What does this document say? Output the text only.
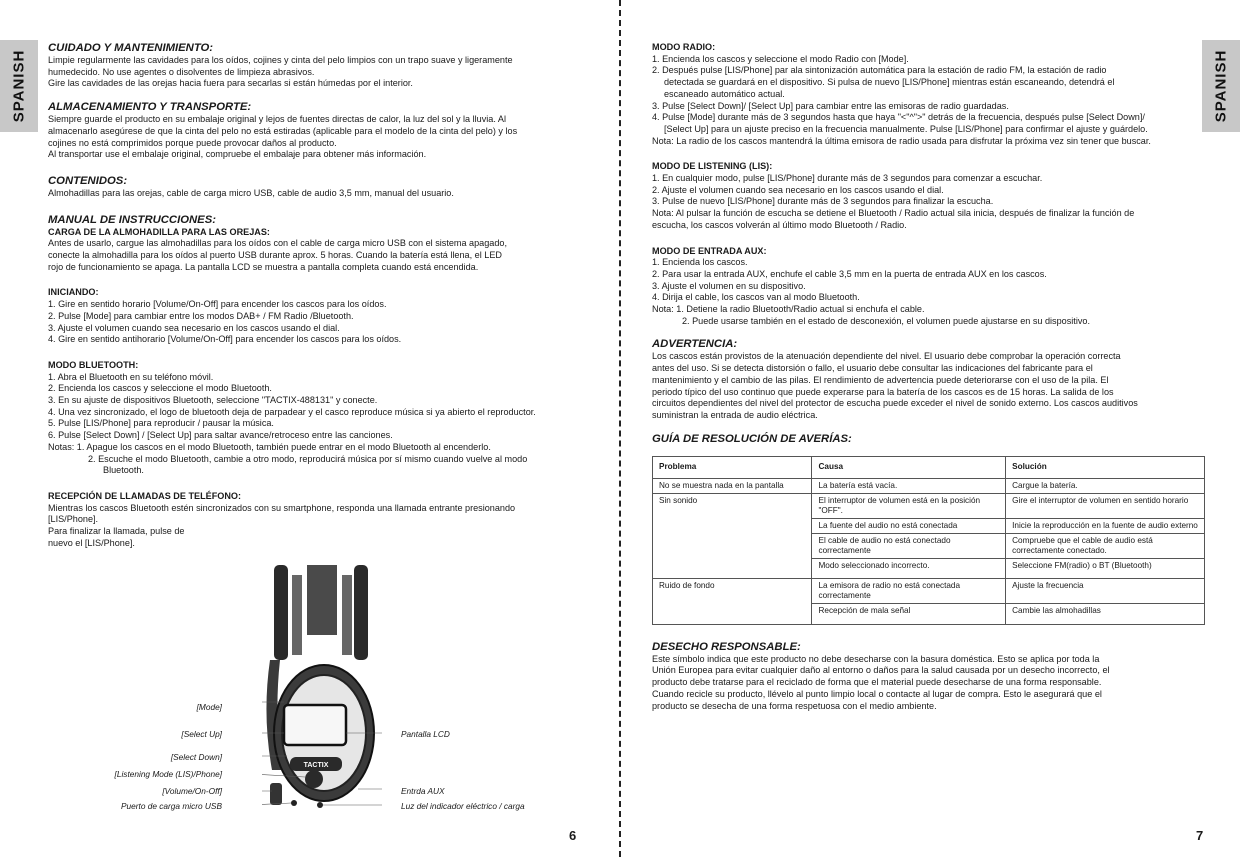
SPANISH

CUIDADO Y MANTENIMIENTO:

Limpie regularmente las cavidades para los oídos, cojines y cinta del pelo limpios con un trapo suave y ligeramente

humedecido. No use agentes o disolventes de limpieza abrasivos.

Gire las cavidades de las orejas hacia fuera para secarlas si están húmedas por el interior.

ALMACENAMIENTO Y TRANSPORTE:

Siempre guarde el producto en su embalaje original y lejos de fuentes directas de calor, la luz del sol y la lluvia. Al

almacenarlo asegúrese de que la cinta del pelo no está estiradas (aplicable para el modelo de la cinta del pelo) y los

cojines no está comprimidos porque puede provocar daños al producto.

Al transportar use el embalaje original, compruebe el embalaje para obtener más información.

CONTENIDOS:

Almohadillas para las orejas, cable de carga micro USB, cable de audio 3,5 mm, manual del usuario.

MANUAL DE INSTRUCCIONES:

CARGA DE LA ALMOHADILLA PARA LAS OREJAS:

Antes de usarlo, cargue las almohadillas para los oídos con el cable de carga micro USB con el sistema apagado,

conecte la almohadilla para los oídos al puerto USB durante aprox. 5 horas. Cuando la batería está llena, el LED

rojo de funcionamiento se apaga. La pantalla LCD se muestra a pantalla completa cuando está encendida.

INICIANDO:

1. Gire en sentido horario [Volume/On-Off] para encender los cascos para los oídos.

2. Pulse [Mode] para cambiar entre los modos DAB+ / FM Radio /Bluetooth.

3. Ajuste el volumen cuando sea necesario en los cascos usando el dial.

4. Gire en sentido antihorario [Volume/On-Off] para encender los cascos para los oídos.

MODO BLUETOOTH:

1. Abra el Bluetooth en su teléfono móvil.

2. Encienda los cascos y seleccione el modo Bluetooth.

3. En su ajuste de dispositivos Bluetooth, seleccione "TACTIX-488131" y conecte.

4. Una vez sincronizado, el logo de bluetooth deja de parpadear y el casco reproduce música si ya abierto el reproductor.

5. Pulse [LIS/Phone] para reproducir / pausar la música.

6. Pulse [Select Down] / [Select Up] para saltar avance/retroceso entre las canciones.

Notas: 1. Apague los cascos en el modo Bluetooth, también puede entrar en el modo Bluetooth al encenderlo.

2. Escuche el modo Bluetooth, cambie a otro modo, reproducirá música por sí mismo cuando vuelve al modo

Bluetooth.

RECEPCIÓN DE LLAMADAS DE TELÉFONO:

Mientras los cascos Bluetooth estén sincronizados con su smartphone, responda una llamada entrante presionando

[LIS/Phone].

Para finalizar la llamada, pulse de

nuevo el [LIS/Phone].

TACTIX
[Mode]
[Select Up]
[Select Down]
[Listening Mode (LIS)/Phone]
[Volume/On-Off]
Puerto de carga micro USB
Pantalla LCD
Entrda AUX
Luz del indicador eléctrico / carga
6
SPANISH

MODO RADIO:

1. Encienda los cascos y seleccione el modo Radio con [Mode].

2. Después pulse [LIS/Phone] par ala sintonización automática para la estación de radio FM, la estación de radio

detectada se guardará en el dispositivo. Si pulsa de nuevo [LIS/Phone] mientras están escaneando, detendrá el

escaneado automático actual.

3. Pulse [Select Down]/ [Select Up] para cambiar entre las emisoras de radio guardadas.

4. Pulse [Mode] durante más de 3 segundos hasta que haya "<"^">" detrás de la frecuencia, después pulse [Select Down]/

[Select Up] para un ajuste preciso en la frecuencia manualmente. Pulse [LIS/Phone] para confirmar el ajuste y guárdelo.

Nota: La radio de los cascos mantendrá la última emisora de radio usada para disfrutar la próxima vez sin tener que buscar.

MODO DE LISTENING (LIS):

1. En cualquier modo, pulse [LIS/Phone] durante más de 3 segundos para comenzar a escuchar.

2. Ajuste el volumen cuando sea necesario en los cascos usando el dial.

3. Pulse de nuevo [LIS/Phone] durante más de 3 segundos para finalizar la escucha.

Nota: Al pulsar la función de escucha se detiene el Bluetooth / Radio actual sila inicia, después de finalizar la función de

escucha, los cascos volverán al último modo Bluetooth / Radio.

MODO DE ENTRADA AUX:

1. Encienda los cascos.

2. Para usar la entrada AUX, enchufe el cable 3,5 mm en la puerta de entrada AUX en los cascos.

3. Ajuste el volumen en su dispositivo.

4. Dirija el cable, los cascos van al modo Bluetooth.

Nota: 1. Detiene la radio Bluetooth/Radio actual si enchufa el cable.

2. Puede usarse también en el estado de desconexión, el volumen puede ajustarse en su dispositivo.

ADVERTENCIA:

Los cascos están provistos de la atenuación dependiente del nivel. El usuario debe comprobar la operación correcta

antes del uso. Si se detecta distorsión o fallo, el usuario debe consultar las indicaciones del fabricante para el

mantenimiento y el cambio de las pilas. El rendimiento de advertencia puede deteriorarse con el uso de la pila. El

periodo típico del uso continuo que puede experarse para la batería de los cascos es de 15 horas. La salida de los

circuitos dependientes del nivel del protector de escucha puede exceder el nivel de sonido externo. Los cascos auditivos

suministran la entrada de audio eléctrica.

GUÍA DE RESOLUCIÓN DE AVERÍAS:

Problema	Causa	Solución
No se muestra nada en la pantalla	La batería está vacía.	Cargue la batería.
Sin sonido	El interruptor de volumen está en la posición "OFF".	Gire el interruptor de volumen en sentido horario
	La fuente del audio no está conectada	Inicie la reproducción en la fuente de audio externo
	El cable de audio no está conectado correctamente	Compruebe que el cable de audio está correctamente conectado.
	Modo seleccionado incorrecto.	Seleccione FM(radio) o BT (Bluetooth)
Ruido de fondo	La emisora de radio no está conectada correctamente	Ajuste la frecuencia
	Recepción de mala señal	Cambie las almohadillas

DESECHO RESPONSABLE:

Este símbolo indica que este producto no debe desecharse con la basura doméstica. Esto se aplica por toda la

Unión Europea para evitar cualquier daño al entorno o daños para la salud causada por un desecho incorrecto, el

producto debe tratarse para el reciclado de forma que el material puede desecharse de una forma responsable.

Cuando recicle su producto, llévelo al punto limpio local o contacte al lugar de compra. Esto le asegurará que el

producto se desecha de una forma respetuosa con el medio ambiente.

7
